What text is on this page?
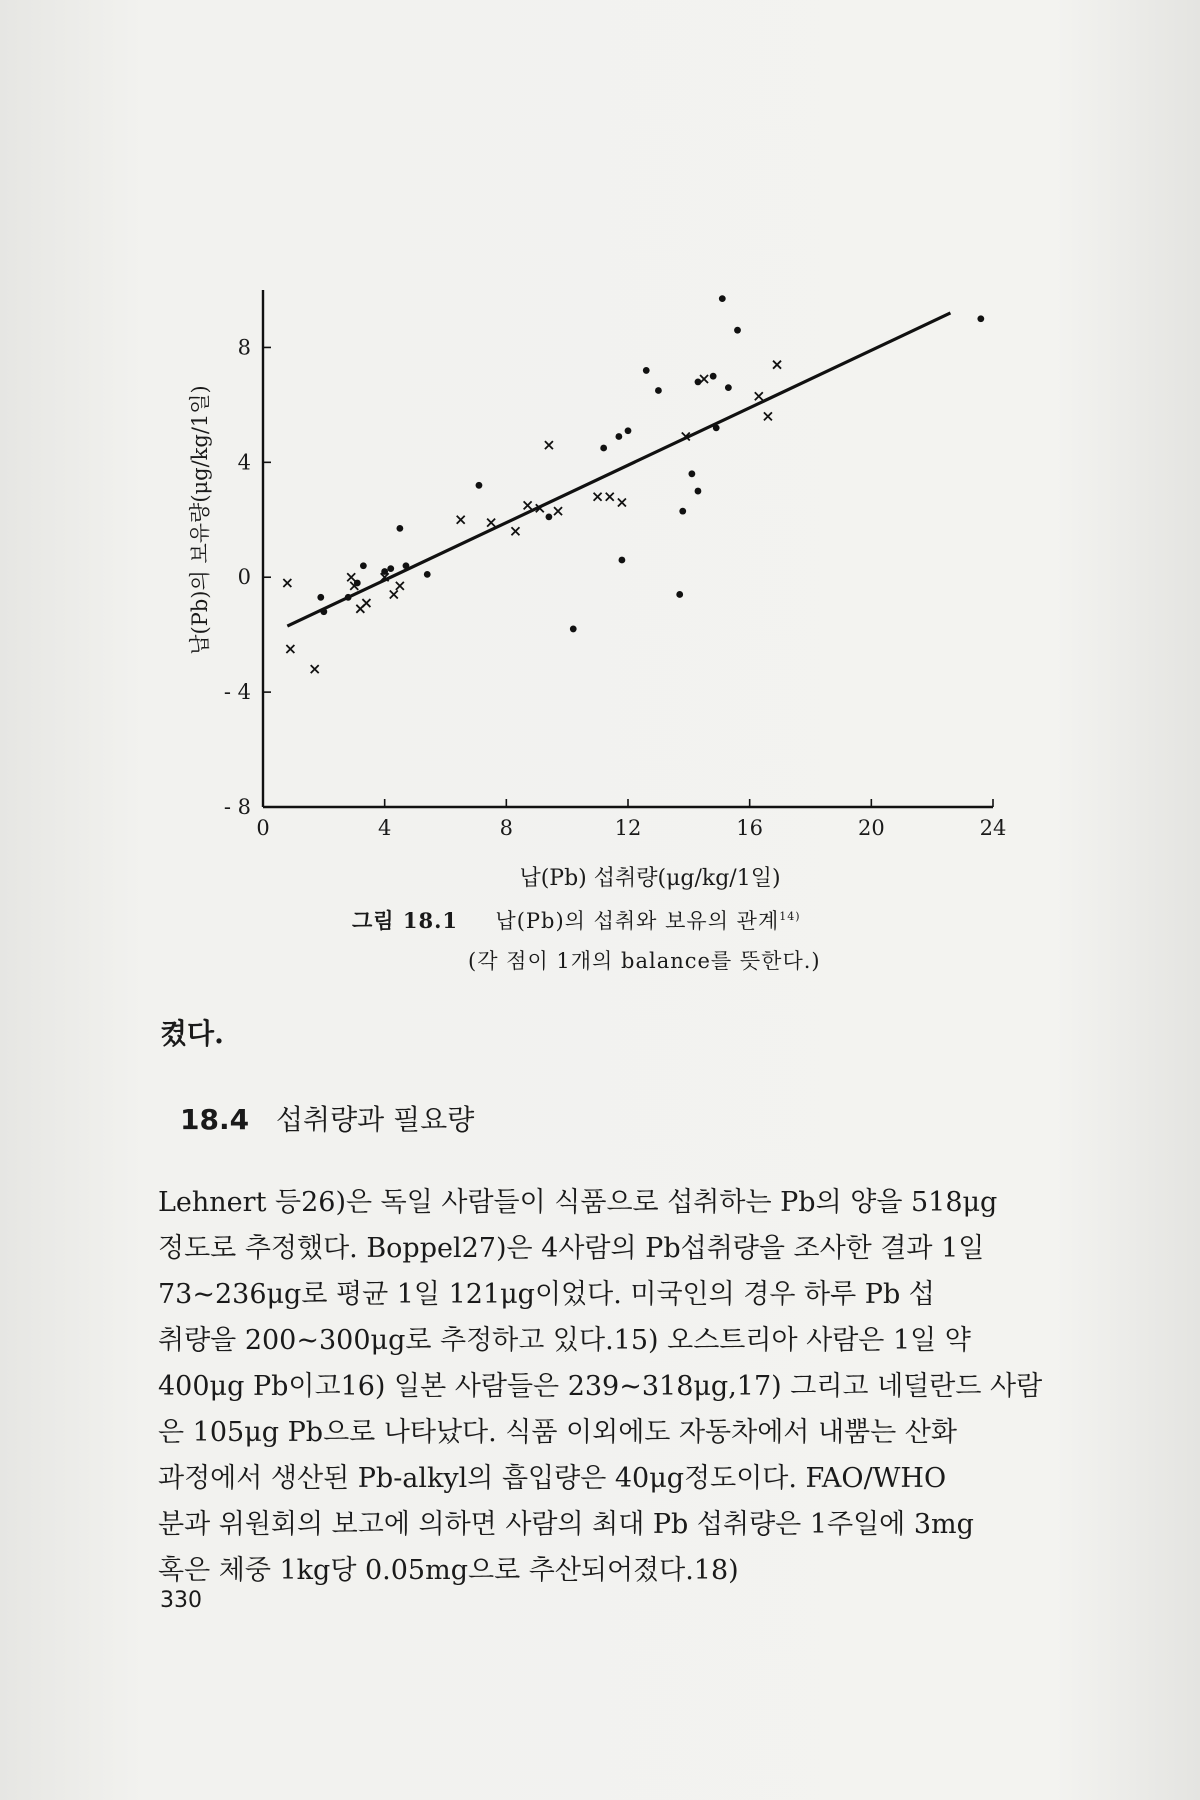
0	4	8	12	16	20	24
8
4
0
- 4
- 8
납(Pb)의 보유량(μg/kg/1일)
납(Pb) 섭취량(μg/kg/1일)
그림 18.1 납(Pb)의 섭취와 보유의 관계$^{14)}$
(각 점이 1개의 balance를 뜻한다.)
켰다.
18.4 섭취량과 필요량
Lehnert 등26)은 독일 사람들이 식품으로 섭취하는 Pb의 양을 518μg
정도로 추정했다. Boppel27)은 4사람의 Pb섭취량을 조사한 결과 1일
73~236μg로 평균 1일 121μg이었다. 미국인의 경우 하루 Pb 섭
취량을 200~300μg로 추정하고 있다.15) 오스트리아 사람은 1일 약
400μg Pb이고16) 일본 사람들은 239~318μg,17) 그리고 네덜란드 사람
은 105μg Pb으로 나타났다. 식품 이외에도 자동차에서 내뿜는 산화
과정에서 생산된 Pb-alkyl의 흡입량은 40μg정도이다. FAO/WHO
분과 위원회의 보고에 의하면 사람의 최대 Pb 섭취량은 1주일에 3mg
혹은 체중 1kg당 0.05mg으로 추산되어졌다.18)
330
